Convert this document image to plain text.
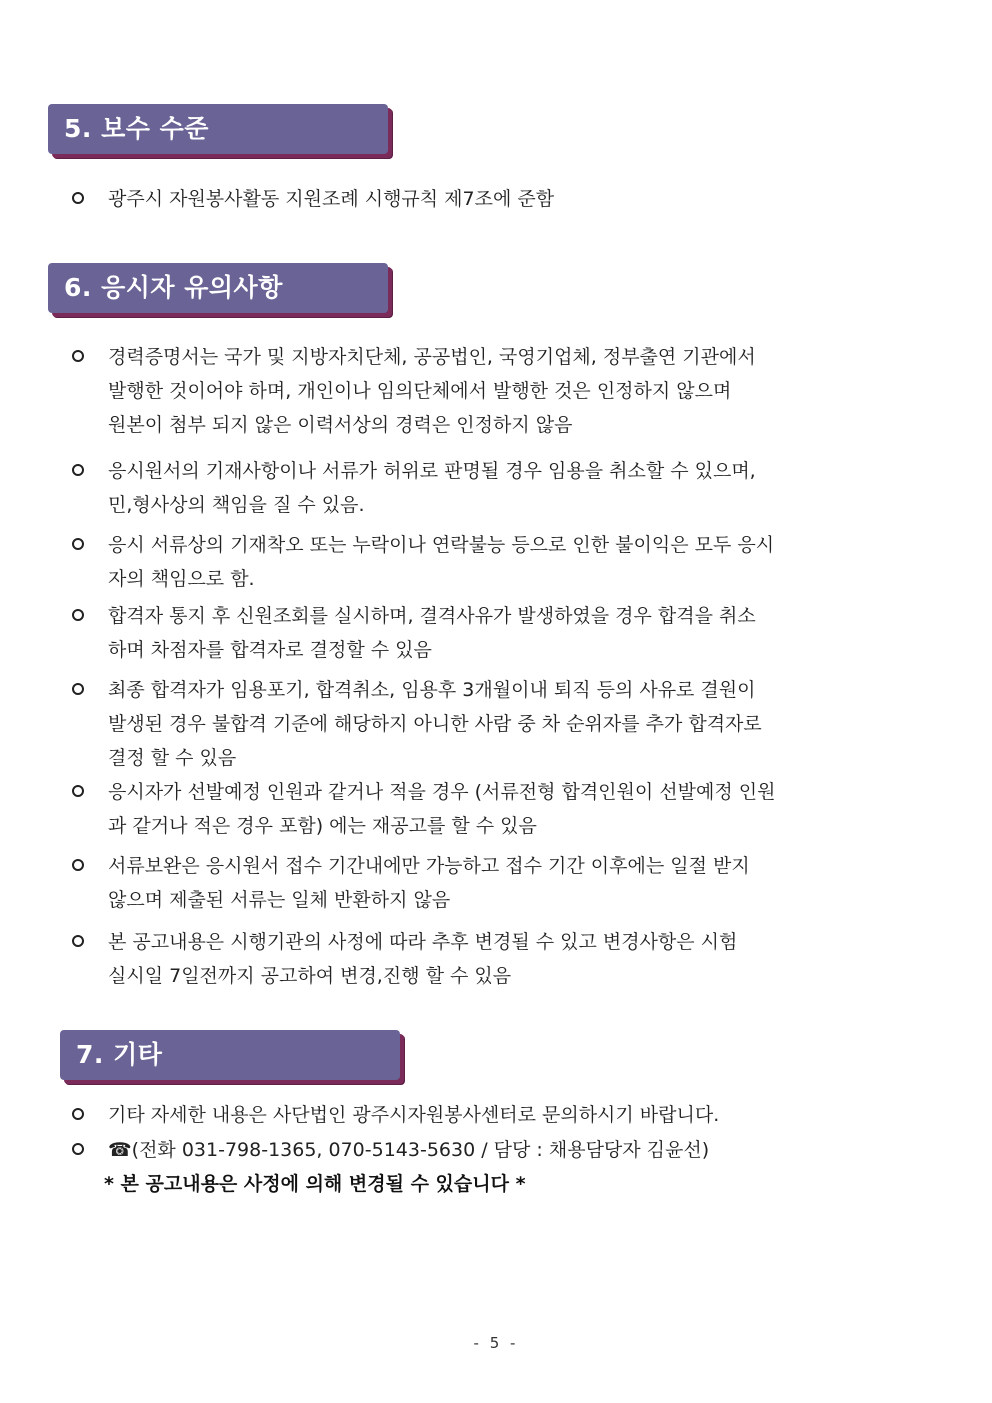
5. 보수 수준
광주시 자원봉사활동 지원조례 시행규칙 제7조에 준함
6. 응시자 유의사항
경력증명서는 국가 및 지방자치단체, 공공법인, 국영기업체, 정부출연 기관에서
발행한 것이어야 하며, 개인이나 임의단체에서 발행한 것은 인정하지 않으며
원본이 첨부 되지 않은 이력서상의 경력은 인정하지 않음
응시원서의 기재사항이나 서류가 허위로 판명될 경우 임용을 취소할 수 있으며,
민,형사상의 책임을 질 수 있음.
응시 서류상의 기재착오 또는 누락이나 연락불능 등으로 인한 불이익은 모두 응시
자의 책임으로 함.
합격자 통지 후 신원조회를 실시하며, 결격사유가 발생하였을 경우 합격을 취소
하며 차점자를 합격자로 결정할 수 있음
최종 합격자가 임용포기, 합격취소, 임용후 3개월이내 퇴직 등의 사유로 결원이
발생된 경우 불합격 기준에 해당하지 아니한 사람 중 차 순위자를 추가 합격자로
결정 할 수 있음
응시자가 선발예정 인원과 같거나 적을 경우 (서류전형 합격인원이 선발예정 인원
과 같거나 적은 경우 포함) 에는 재공고를 할 수 있음
서류보완은 응시원서 접수 기간내에만 가능하고 접수 기간 이후에는 일절 받지
않으며 제출된 서류는 일체 반환하지 않음
본 공고내용은 시행기관의 사정에 따라 추후 변경될 수 있고 변경사항은 시험
실시일 7일전까지 공고하여 변경,진행 할 수 있음
7. 기타
기타 자세한 내용은 사단법인 광주시자원봉사센터로 문의하시기 바랍니다.
☎(전화 031-798-1365, 070-5143-5630 / 담당 : 채용담당자 김윤선)
* 본 공고내용은 사정에 의해 변경될 수 있습니다 *
- 5 -
